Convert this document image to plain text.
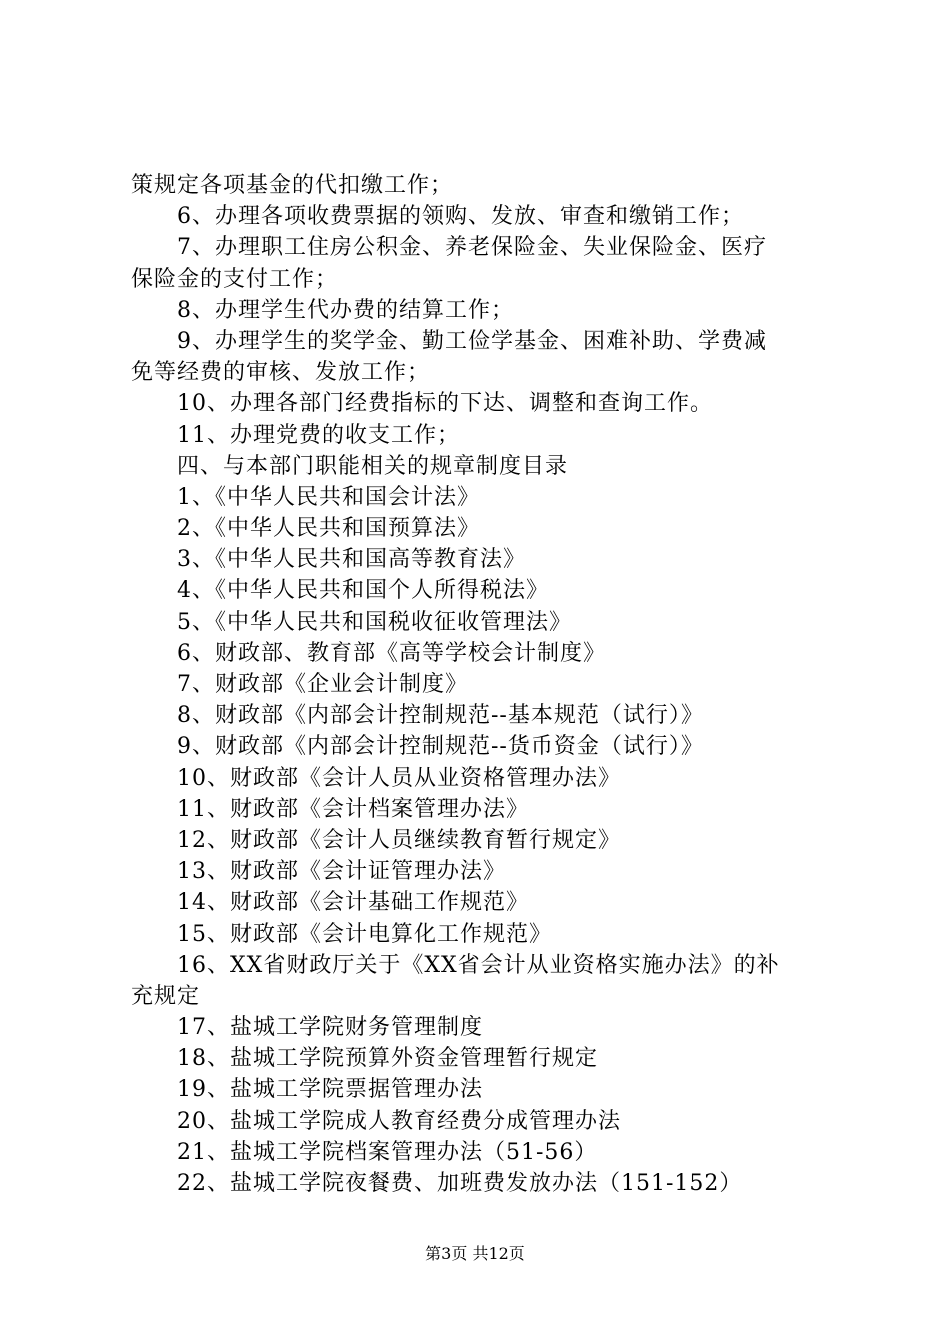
策规定各项基金的代扣缴工作；
6、办理各项收费票据的领购、发放、审查和缴销工作；
7、办理职工住房公积金、养老保险金、失业保险金、医疗
保险金的支付工作；
8、办理学生代办费的结算工作；
9、办理学生的奖学金、勤工俭学基金、困难补助、学费减
免等经费的审核、发放工作；
10、办理各部门经费指标的下达、调整和查询工作。
11、办理党费的收支工作；
四、与本部门职能相关的规章制度目录
1、《中华人民共和国会计法》
2、《中华人民共和国预算法》
3、《中华人民共和国高等教育法》
4、《中华人民共和国个人所得税法》
5、《中华人民共和国税收征收管理法》
6、财政部、教育部《高等学校会计制度》
7、财政部《企业会计制度》
8、财政部《内部会计控制规范--基本规范（试行）》
9、财政部《内部会计控制规范--货币资金（试行）》
10、财政部《会计人员从业资格管理办法》
11、财政部《会计档案管理办法》
12、财政部《会计人员继续教育暂行规定》
13、财政部《会计证管理办法》
14、财政部《会计基础工作规范》
15、财政部《会计电算化工作规范》
16、XX省财政厅关于《XX省会计从业资格实施办法》的补
充规定
17、盐城工学院财务管理制度
18、盐城工学院预算外资金管理暂行规定
19、盐城工学院票据管理办法
20、盐城工学院成人教育经费分成管理办法
21、盐城工学院档案管理办法（51-56）
22、盐城工学院夜餐费、加班费发放办法（151-152）
第3页 共12页
